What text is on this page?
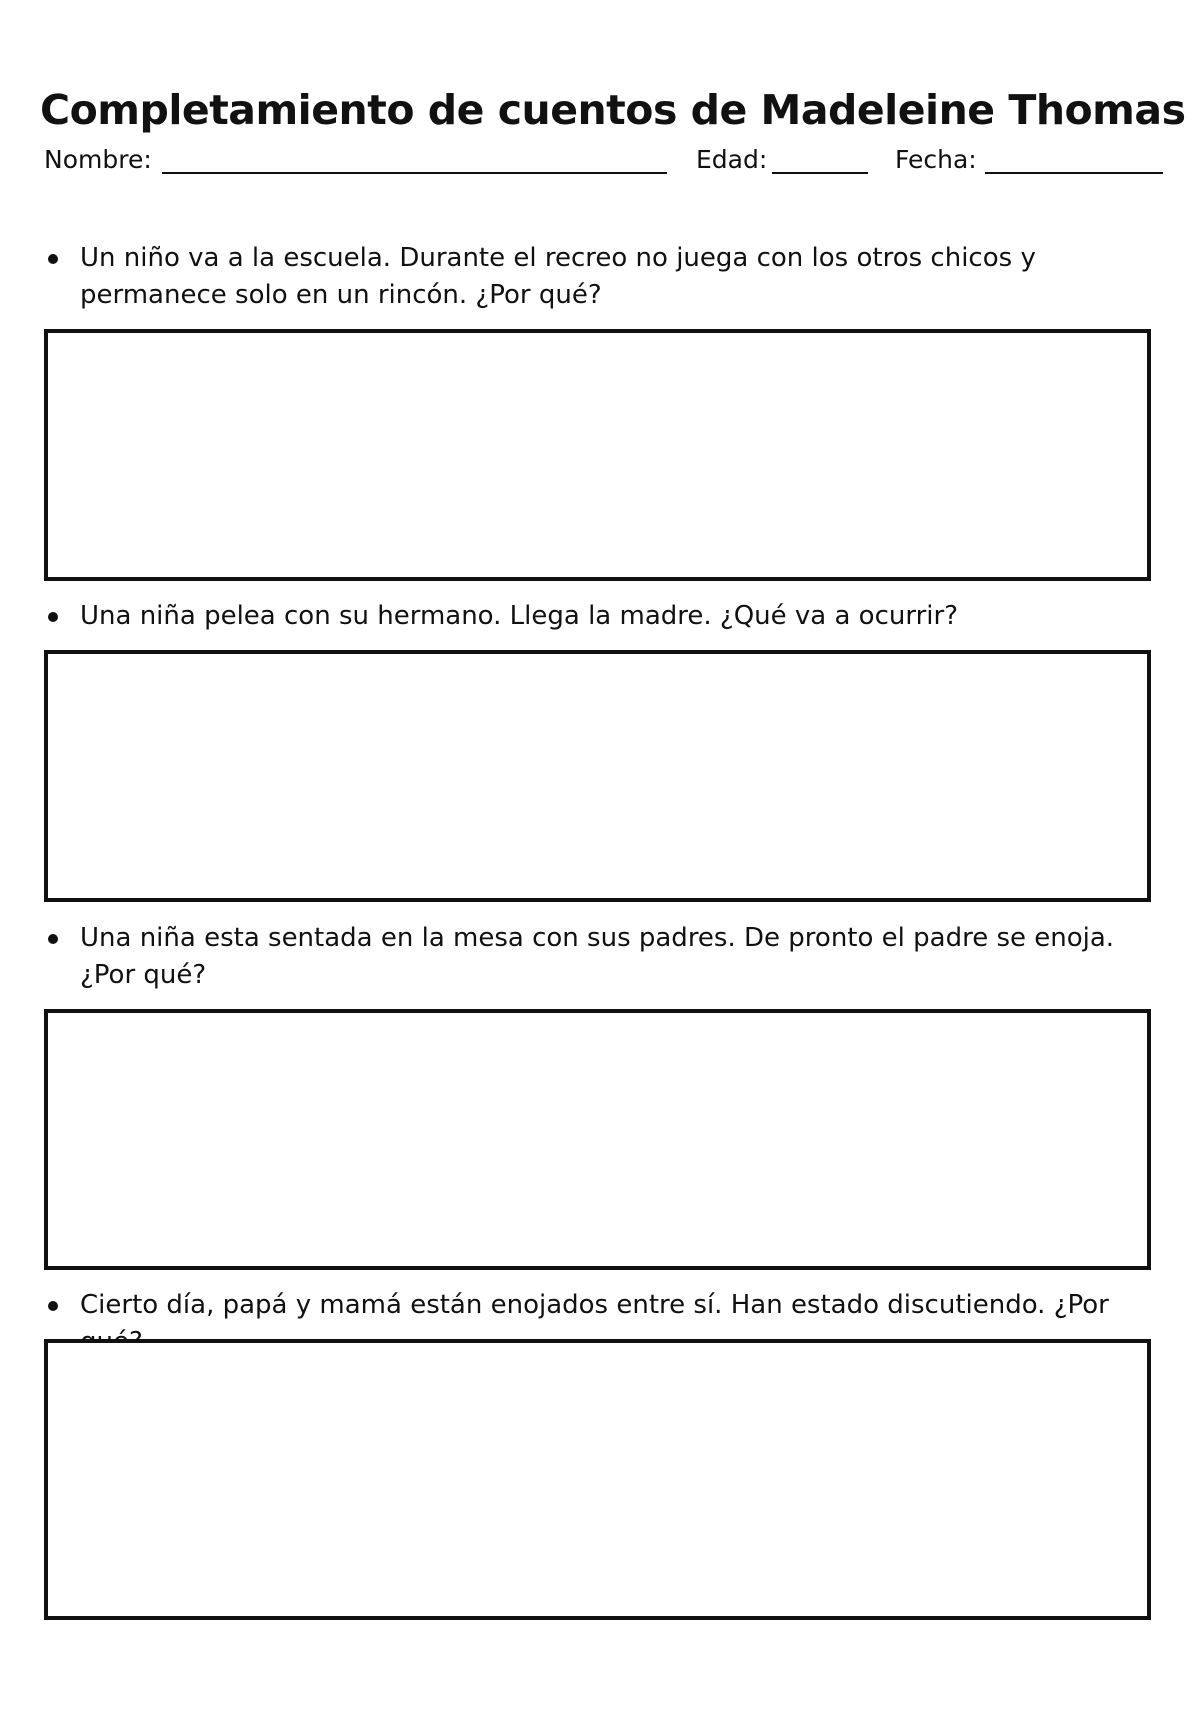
Completamiento de cuentos de Madeleine Thomas
Nombre:	Edad:	Fecha:
Un niño va a la escuela. Durante el recreo no juega con los otros chicos y permanece solo en un rincón. ¿Por qué?
Una niña pelea con su hermano. Llega la madre. ¿Qué va a ocurrir?
Una niña esta sentada en la mesa con sus padres. De pronto el padre se enoja. ¿Por qué?
Cierto día, papá y mamá están enojados entre sí. Han estado discutiendo. ¿Por
